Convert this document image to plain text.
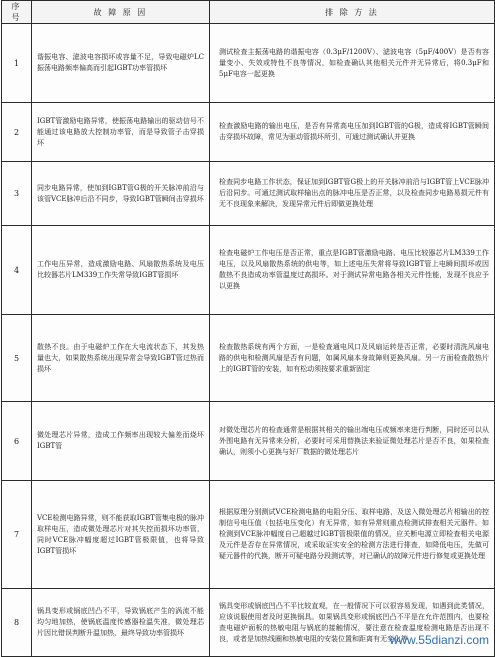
序号	故 障 原 因	排 除 方 法
1	谐振电容、滤波电容损坏或容量不足，导致电磁炉LC振荡电路频率偏高而引起IGBT功率管损坏	测试检查主振荡电路的谐振电容（0.3μF/1200V）、滤波电容（5μF/400V）是否有容量变小、失效或特性不良等情况，如检查确认其他相关元件并无异常后，将0.3μF和5μF电容一起更换
2	IGBT管激励电路异常，使振荡电路输出的驱动信号不能通过该电路放大控制功率管，而是导致管子击穿损坏	检查激励电路的输出电压，是否有异常高电压加到IGBT管的G极，造成将IGBT管瞬间击穿损坏故障，常见为驱动管损坏所引，可通过测试确认并更换
3	同步电路异常，使加到IGBT管G极的开关脉冲前沿与该管VCE脉冲后沿不同步，导致IGBT管瞬间击穿损坏	检查同步电路工作状态，保证加到IGBT管G极上的开关脉冲前沿与IGBT管上VCE脉冲后沿同步。可通过测试取样输出点的脉冲电压是否正常，以及检查同步电路易损元件有无不良现象来解决，发现异常元件后即做更换处理
4	工作电压异常，造成激励电路、风扇散热系统及电压比较器芯片LM339工作失常导致IGBT管损坏	检查电磁炉工作电压是否正常，重点是IGBT管激励电路、电压比较器芯片LM339工作电压，以及风扇散热系统的供电等，如上述电压失常将导致IGBT管上电瞬间损坏或因散热不良造成功率管温度过高损坏。对于测试异常电路各相关元件性能，发现不良应予以更换
5	散热不良。由于电磁炉工作在大电流状态下，其发热量也大，如果散热系统出现异常会导致IGBT管过热而损坏	检查散热系统有两个方面，一是检查通电风口及风扇运转是否正常，必要时清洗风扇电路的供电和检测风扇是否有问题，如属风扇本身故障则更换风扇。另一方面检查散热片上的IGBT管的安装，如有松动须按要求重新固定
6	微处理芯片异常，造成工作频率出现较大偏差而烧坏IGBT管	对微处理芯片的检查通常是根据其相关的输出端电压或频率来进行判断，同时还可以从外围电路有无异常来分析，必要时可采用替换法来验证微处理芯片是否不良，如果检查确认，则须小心更换与好厂数据的微处理芯片
7	VCE检测电路异常，则不能获取IGBT管集电极的脉冲取样电压，造成微处理芯片对其失控而损坏功率管，同时VCE脉冲幅度超过IGBT管极限值，也将导致IGBT管损坏	根据原理分别测试VCE检测电路的电阻分压、取样电路，及送入微处理芯片相输出的控制信号电压值（包括电压变化）有无异常，如有异常则重点检测试排查相关元器件。如检测到VCE脉冲幅度自己超越过IGBT管极限值的情况，应关断电源立即检查相关电源及元件是否存在异常情况，或采取证实安全的检测方法进行排查，如降低电压，先做可疑元器件的代换，断开可疑电路分段测试等，对已确认的故障元件进行修复或更换处理
8	锅具变形或锅底凹凸不平，导致锅底产生的涡流不能均匀地加热，使锅底温度传感器检温失准，微处理芯片因比错误判断升温加热，最终导致功率管损坏	锅具变形或锅底凹凸不平比较直观，在一般情况下可以很容易发现，如遇到此类情况，应该说服使用者及时更换锅具。如果锅具变形或锅底凹凸不平是在允许范围内，也要检查电磁炉面板的热敏电阻与锅底的接触情况，要注意在检查温度检测电路是否出现不良，或者是加热线圈和热敏电阻的安装位置和距离有无变化等
www.55dianzi.com
